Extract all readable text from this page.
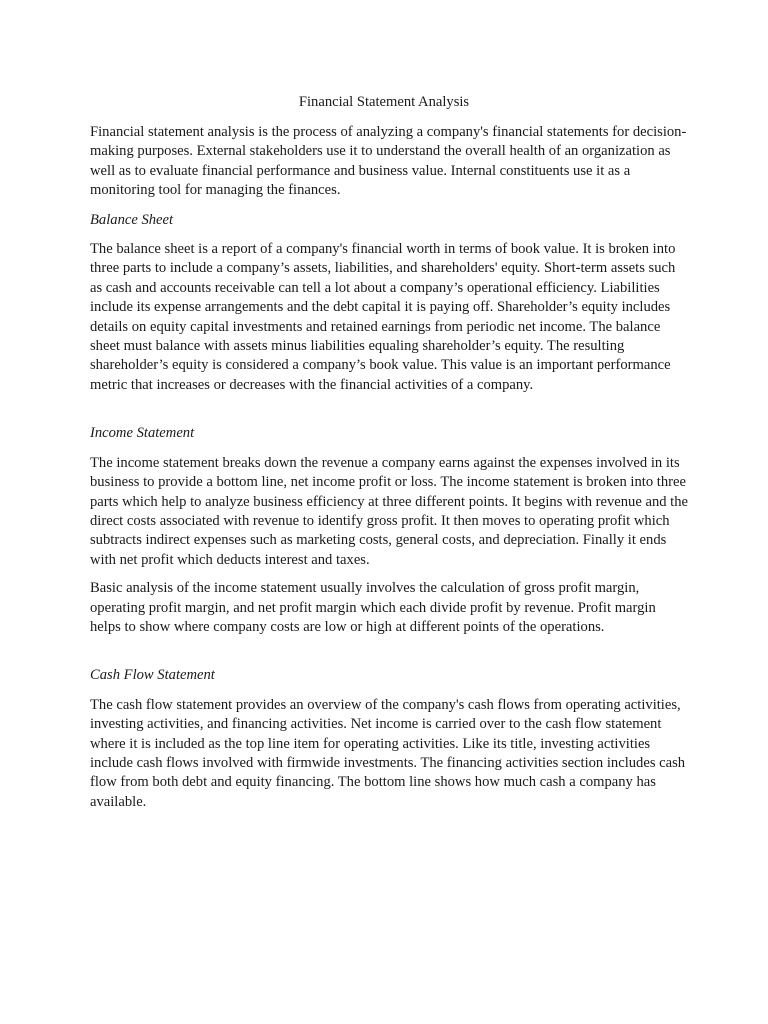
Financial Statement Analysis

Financial statement analysis is the process of analyzing a company's financial statements for decision-making purposes. External stakeholders use it to understand the overall health of an organization as well as to evaluate financial performance and business value. Internal constituents use it as a monitoring tool for managing the finances.

Balance Sheet

The balance sheet is a report of a company's financial worth in terms of book value. It is broken into three parts to include a company’s assets, liabilities, and shareholders' equity. Short-term assets such as cash and accounts receivable can tell a lot about a company’s operational efficiency. Liabilities include its expense arrangements and the debt capital it is paying off. Shareholder’s equity includes details on equity capital investments and retained earnings from periodic net income. The balance sheet must balance with assets minus liabilities equaling shareholder’s equity. The resulting shareholder’s equity is considered a company’s book value. This value is an important performance metric that increases or decreases with the financial activities of a company.

Income Statement

The income statement breaks down the revenue a company earns against the expenses involved in its business to provide a bottom line, net income profit or loss. The income statement is broken into three parts which help to analyze business efficiency at three different points. It begins with revenue and the direct costs associated with revenue to identify gross profit. It then moves to operating profit which subtracts indirect expenses such as marketing costs, general costs, and depreciation. Finally it ends with net profit which deducts interest and taxes.

Basic analysis of the income statement usually involves the calculation of gross profit margin, operating profit margin, and net profit margin which each divide profit by revenue. Profit margin helps to show where company costs are low or high at different points of the operations.

Cash Flow Statement

The cash flow statement provides an overview of the company's cash flows from operating activities, investing activities, and financing activities. Net income is carried over to the cash flow statement where it is included as the top line item for operating activities. Like its title, investing activities include cash flows involved with firmwide investments. The financing activities section includes cash flow from both debt and equity financing. The bottom line shows how much cash a company has available.
